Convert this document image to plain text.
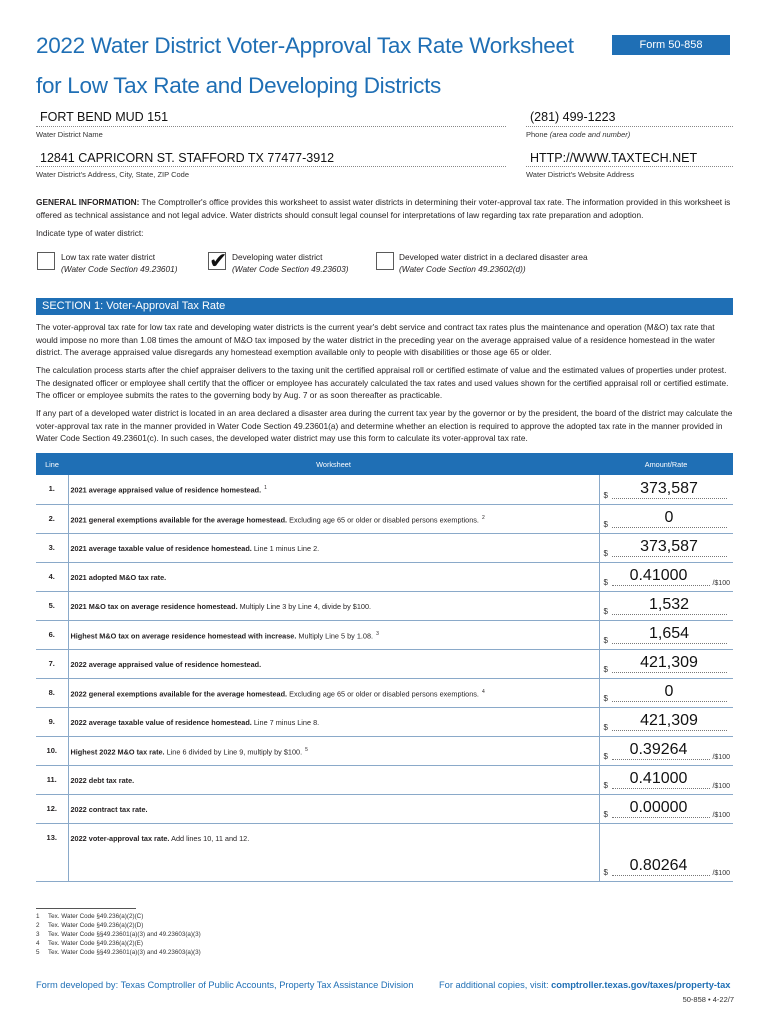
2022 Water District Voter-Approval Tax Rate Worksheet
for Low Tax Rate and Developing Districts
Form 50-858
FORT BEND MUD 151
Water District Name
(281) 499-1223
Phone (area code and number)
12841 CAPRICORN ST. STAFFORD TX 77477-3912
Water District's Address, City, State, ZIP Code
HTTP://WWW.TAXTECH.NET
Water District's Website Address
GENERAL INFORMATION: The Comptroller's office provides this worksheet to assist water districts in determining their voter-approval tax rate. The information provided in this worksheet is offered as technical assistance and not legal advice. Water districts should consult legal counsel for interpretations of law regarding tax rate preparation and adoption.
Indicate type of water district:
Low tax rate water district
(Water Code Section 49.23601) ✔ Developing water district
(Water Code Section 49.23603)
Developed water district in a declared disaster area
(Water Code Section 49.23602(d))
SECTION 1: Voter-Approval Tax Rate
The voter-approval tax rate for low tax rate and developing water districts is the current year's debt service and contract tax rates plus the maintenance and operation (M&O) tax rate that would impose no more than 1.08 times the amount of M&O tax imposed by the water district in the preceding year on the average appraised value of a residence homestead in the water district. The average appraised value disregards any homestead exemption available only to people with disabilities or those age 65 or older.
The calculation process starts after the chief appraiser delivers to the taxing unit the certified appraisal roll or certified estimate of value and the estimated values of properties under protest. The designated officer or employee shall certify that the officer or employee has accurately calculated the tax rates and used values shown for the certified appraisal roll or certified estimate. The officer or employee submits the rates to the governing body by Aug. 7 or as soon thereafter as practicable.
If any part of a developed water district is located in an area declared a disaster area during the current tax year by the governor or by the president, the board of the district may calculate the voter-approval tax rate in the manner provided in Water Code Section 49.23601(a) and determine whether an election is required to approve the adopted tax rate in the manner provided in Water Code Section 49.23601(c). In such cases, the developed water district may use this form to calculate its voter-approval tax rate.
Line	Worksheet	Amount/Rate
1.	2021 average appraised value of residence homestead. $^1$	$ 373,587

2.	2021 general exemptions available for the average homestead. Excluding age 65 or older or disabled persons exemptions. $^2$	$ 0

3.	2021 average taxable value of residence homestead. Line 1 minus Line 2.	$ 373,587

4.	2021 adopted M&O tax rate.	$ 0.41000 /$100

5.	2021 M&O tax on average residence homestead. Multiply Line 3 by Line 4, divide by $100.	$ 1,532

6.	Highest M&O tax on average residence homestead with increase. Multiply Line 5 by 1.08. $^3$	$ 1,654

7.	2022 average appraised value of residence homestead.	$ 421,309

8.	2022 general exemptions available for the average homestead. Excluding age 65 or older or disabled persons exemptions. $^4$	$ 0

9.	2022 average taxable value of residence homestead. Line 7 minus Line 8.	$ 421,309

10.	Highest 2022 M&O tax rate. Line 6 divided by Line 9, multiply by $100. $^5$	$ 0.39264 /$100

11.	2022 debt tax rate.	$ 0.41000 /$100

12.	2022 contract tax rate.	$ 0.00000 /$100

13.	2022 voter-approval tax rate. Add lines 10, 11 and 12.	$ 0.80264 /$100
1 Tex. Water Code §49.236(a)(2)(C)
2 Tex. Water Code §49.236(a)(2)(D)
3 Tex. Water Code §§49.23601(a)(3) and 49.23603(a)(3)
4 Tex. Water Code §49.236(a)(2)(E)
5 Tex. Water Code §§49.23601(a)(3) and 49.23603(a)(3)
Form developed by: Texas Comptroller of Public Accounts, Property Tax Assistance Division	For additional copies, visit: comptroller.texas.gov/taxes/property-tax
50-858 • 4-22/7
